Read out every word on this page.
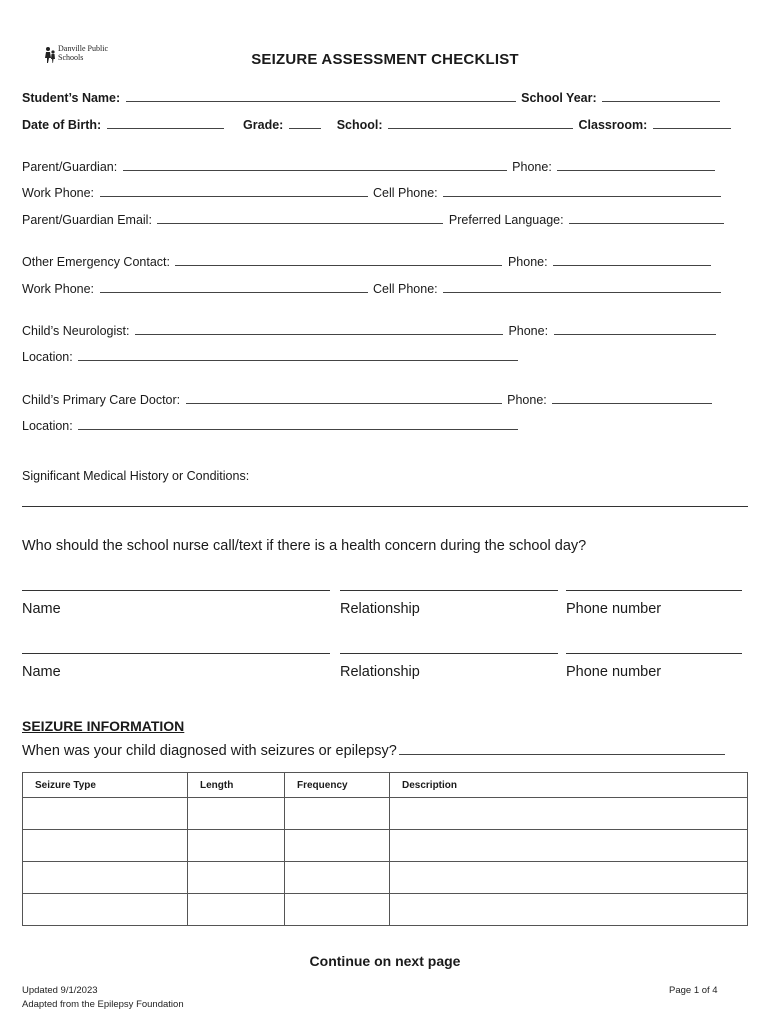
Danville Public
Schools	SEIZURE ASSESSMENT CHECKLIST
Student’s Name:	School Year:
Date of Birth:	Grade:	School:	Classroom:
Parent/Guardian:	Phone:
Work Phone:	Cell Phone:
Parent/Guardian Email:	Preferred Language:
Other Emergency Contact:	Phone:
Work Phone:	Cell Phone:
Child’s Neurologist:	Phone:
Location:
Child’s Primary Care Doctor:	Phone:
Location:
Significant Medical History or Conditions:
Who should the school nurse call/text if there is a health concern during the school day?
Name	Relationship	Phone number
Name	Relationship	Phone number
SEIZURE INFORMATION
When was your child diagnosed with seizures or epilepsy?
Seizure Type	Length	Frequency	Description

Continue on next page
Updated 9/1/2023
Adapted from the Epilepsy Foundation
Page 1 of 4
